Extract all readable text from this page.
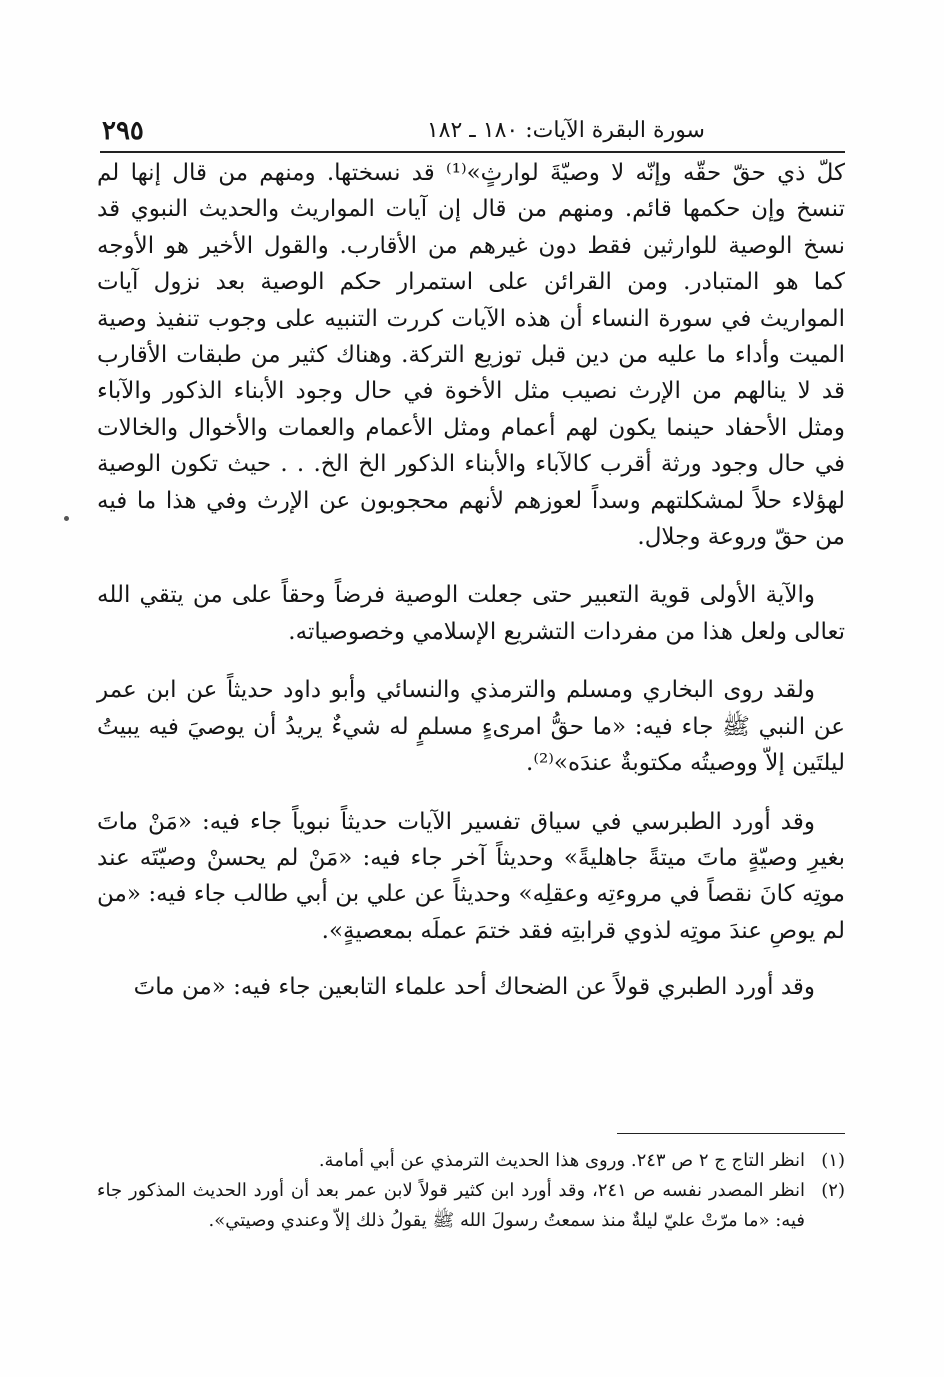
سورة البقرة الآيات: ١٨٠ ـ ١٨٢
٢٩٥

كلّ ذي حقّ حقّه وإنّه لا وصيّةَ لوارثٍ»⁽¹⁾ قد نسختها. ومنهم من قال إنها لم تنسخ وإن حكمها قائم. ومنهم من قال إن آيات المواريث والحديث النبوي قد نسخ الوصية للوارثين فقط دون غيرهم من الأقارب. والقول الأخير هو الأوجه كما هو المتبادر. ومن القرائن على استمرار حكم الوصية بعد نزول آيات المواريث في سورة النساء أن هذه الآيات كررت التنبيه على وجوب تنفيذ وصية الميت وأداء ما عليه من دين قبل توزيع التركة. وهناك كثير من طبقات الأقارب قد لا ينالهم من الإرث نصيب مثل الأخوة في حال وجود الأبناء الذكور والآباء ومثل الأحفاد حينما يكون لهم أعمام ومثل الأعمام والعمات والأخوال والخالات في حال وجود ورثة أقرب كالآباء والأبناء الذكور الخ الخ. . . حيث تكون الوصية لهؤلاء حلاً لمشكلتهم وسداً لعوزهم لأنهم محجوبون عن الإرث وفي هذا ما فيه من حقّ وروعة وجلال.

والآية الأولى قوية التعبير حتى جعلت الوصية فرضاً وحقاً على من يتقي الله تعالى ولعل هذا من مفردات التشريع الإسلامي وخصوصياته.

ولقد روى البخاري ومسلم والترمذي والنسائي وأبو داود حديثاً عن ابن عمر عن النبي ﷺ جاء فيه: «ما حقُّ امرىءٍ مسلمٍ له شيءٌ يريدُ أن يوصيَ فيه يبيتُ ليلتَين إلاّ ووصيتُه مكتوبةٌ عندَه»⁽²⁾.

وقد أورد الطبرسي في سياق تفسير الآيات حديثاً نبوياً جاء فيه: «مَنْ ماتَ بغيرِ وصيّةٍ ماتَ ميتةً جاهليةً» وحديثاً آخر جاء فيه: «مَنْ لم يحسنْ وصيّتَه عند موتِه كانَ نقصاً في مروءتِه وعقلِه» وحديثاً عن علي بن أبي طالب جاء فيه: «من لم يوصِ عندَ موتِه لذوي قرابتِه فقد ختمَ عملَه بمعصيةٍ».

وقد أورد الطبري قولاً عن الضحاك أحد علماء التابعين جاء فيه: «من ماتَ

(١)
انظر التاج ج ٢ ص ٢٤٣. وروى هذا الحديث الترمذي عن أبي أمامة.
(٢)
انظر المصدر نفسه ص ٢٤١، وقد أورد ابن كثير قولاً لابن عمر بعد أن أورد الحديث المذكور جاء فيه: «ما مرّتْ عليّ ليلةٌ منذ سمعتُ رسولَ الله ﷺ يقولُ ذلك إلاّ وعندي وصيتي».
